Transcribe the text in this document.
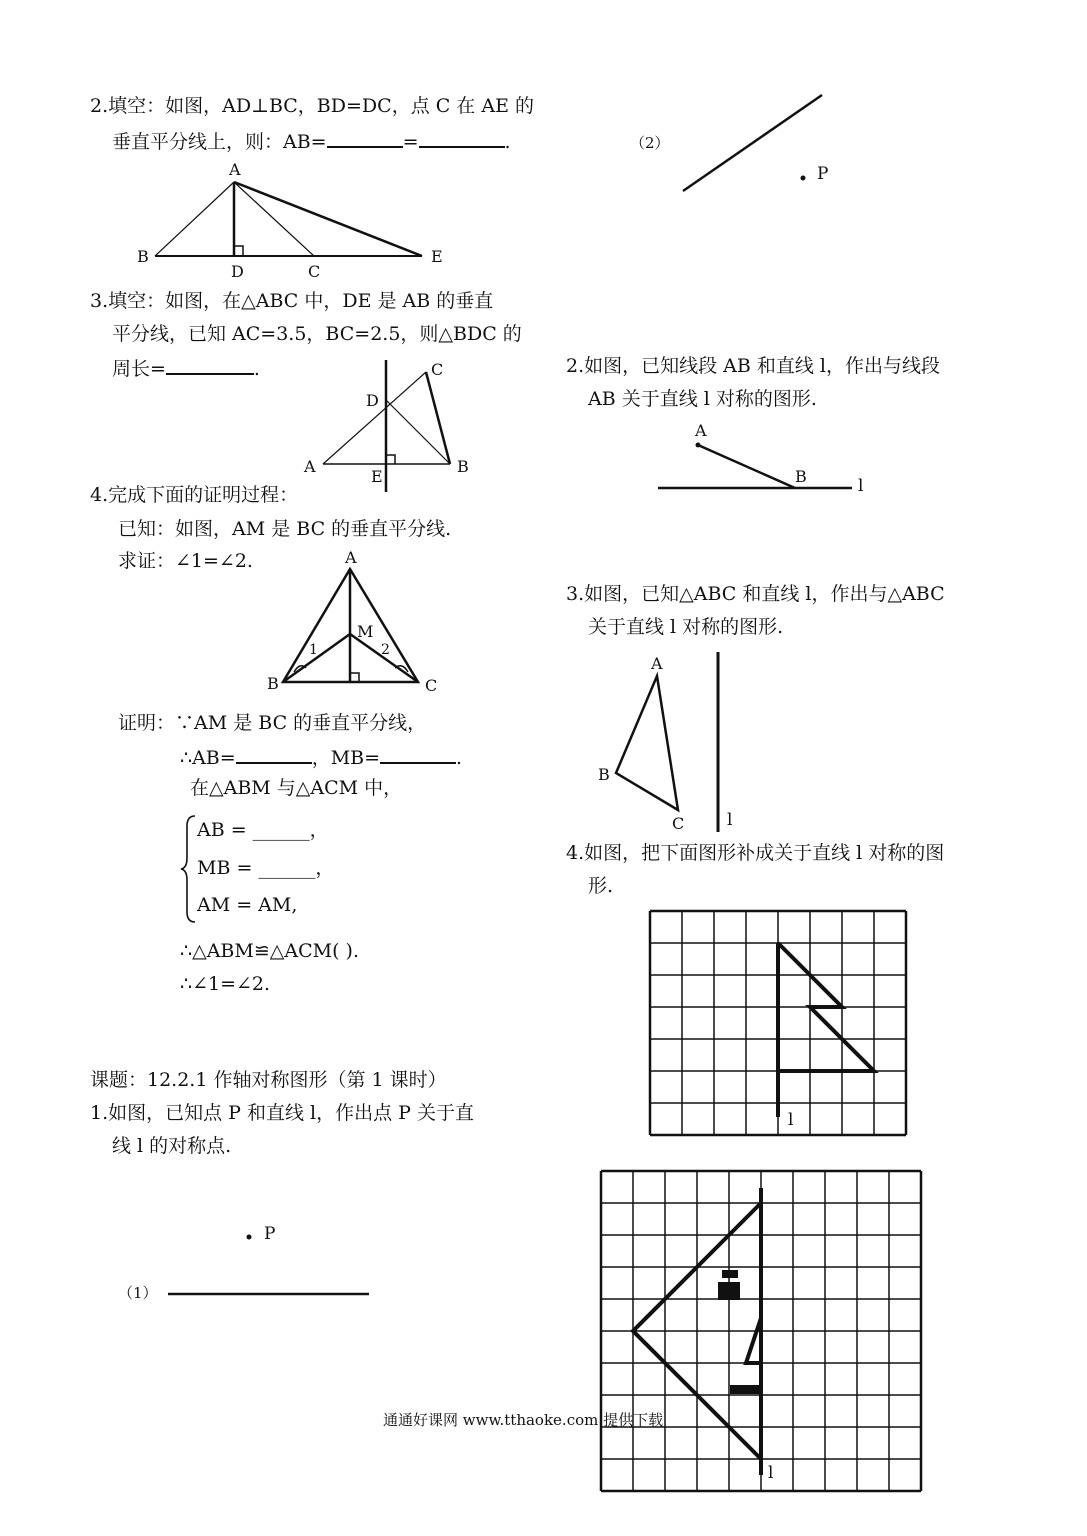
2.填空：如图，AD⊥BC，BD=DC，点 C 在 AE 的
垂直平分线上，则：AB=	=	.
A
B
D	C
E
3.填空：如图，在△ABC 中，DE 是 AB 的垂直
平分线，已知 AC=3.5，BC=2.5，则△BDC 的
周长=	.	C
D
A
E
B
4.完成下面的证明过程：
已知：如图，AM 是 BC 的垂直平分线.
求证：∠1=∠2.	A
M
1	2
B	C
证明：∵AM 是 BC 的垂直平分线，
∴AB=	，MB=	.
在△ABM 与△ACM 中，
AB = ______，
MB = ______，
AM = AM,
∴△ABM≌△ACM( ).
∴∠1=∠2.
课题：12.2.1 作轴对称图形（第 1 课时）
1.如图，已知点 P 和直线 l，作出点 P 关于直
线 l 的对称点.
P
（1）
（2）
P
2.如图，已知线段 AB 和直线 l，作出与线段
AB 关于直线 l 对称的图形.
A
B	l
3.如图，已知△ABC 和直线 l，作出与△ABC
关于直线 l 对称的图形.
A
B
C	l
4.如图，把下面图形补成关于直线 l 对称的图
形.
l
l
通通好课网 www.tthaoke.com 提供下载
